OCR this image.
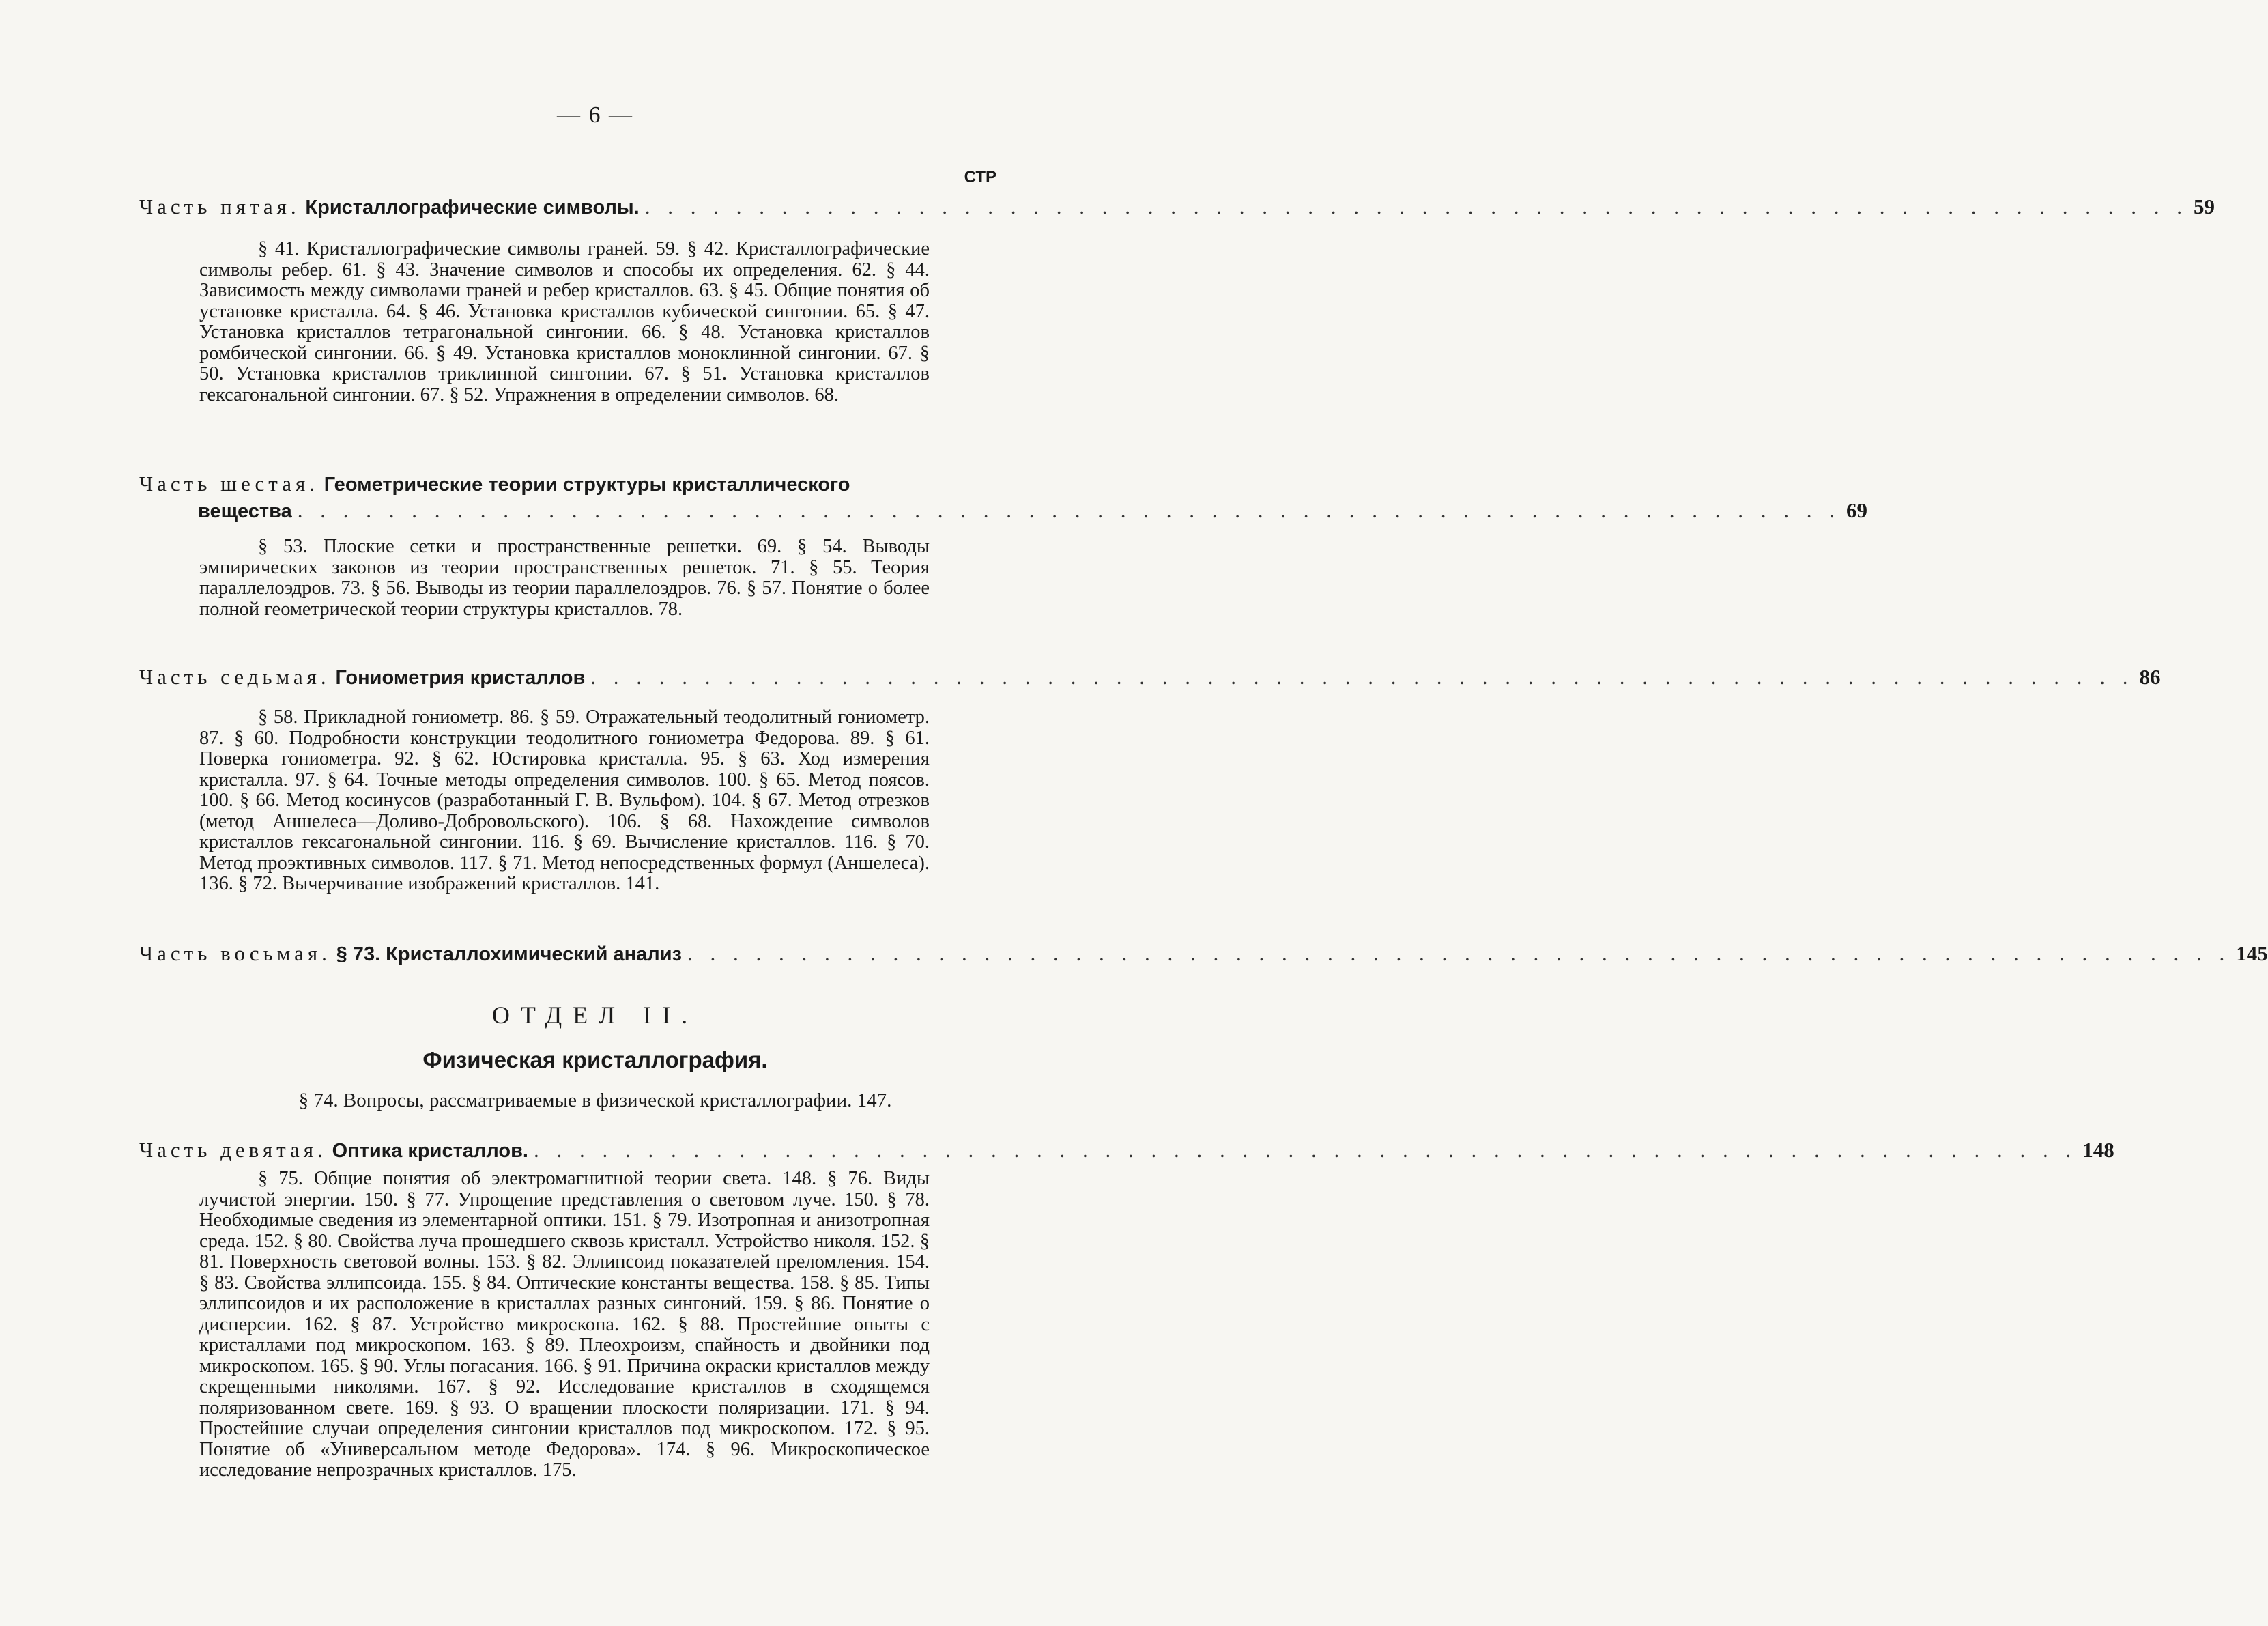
— 6 —
СТР
Часть пятая. Кристаллографические символы. . . . . . . . . . . . . . . . . . . . . . . . . . . . . . . . . . . . . . . . . . . . . . . . . . . . . . . . . . . . . . . . . . . . . 59
§ 41. Кристаллографические символы граней. 59. § 42. Кристаллографические символы ребер. 61. § 43. Значение символов и способы их определения. 62. § 44. Зависимость между символами граней и ребер кристаллов. 63. § 45. Общие понятия об установке кристалла. 64. § 46. Установка кристаллов кубической сингонии. 65. § 47. Установка кристаллов тетрагональной сингонии. 66. § 48. Установка кристаллов ромбической сингонии. 66. § 49. Установка кристаллов моноклинной сингонии. 67. § 50. Установка кристаллов триклинной сингонии. 67. § 51. Установка кристаллов гексагональной сингонии. 67. § 52. Упражнения в определении символов. 68.
Часть шестая. Геометрические теории структуры кристаллического
вещества . . . . . . . . . . . . . . . . . . . . . . . . . . . . . . . . . . . . . . . . . . . . . . . . . . . . . . . . . . . . . . . . . . . . 69
§ 53. Плоские сетки и пространственные решетки. 69. § 54. Выводы эмпирических законов из теории пространственных решеток. 71. § 55. Теория параллелоэдров. 73. § 56. Выводы из теории параллелоэдров. 76. § 57. Понятие о более полной геометрической теории структуры кристаллов. 78.
Часть седьмая. Гониометрия кристаллов . . . . . . . . . . . . . . . . . . . . . . . . . . . . . . . . . . . . . . . . . . . . . . . . . . . . . . . . . . . . . . . . . . . . 86
§ 58. Прикладной гониометр. 86. § 59. Отражательный теодолитный гониометр. 87. § 60. Подробности конструкции теодолитного гониометра Федорова. 89. § 61. Поверка гониометра. 92. § 62. Юстировка кристалла. 95. § 63. Ход измерения кристалла. 97. § 64. Точные методы определения символов. 100. § 65. Метод поясов. 100. § 66. Метод косинусов (разработанный Г. В. Вульфом). 104. § 67. Метод отрезков (метод Аншелеса—Доливо-Добровольского). 106. § 68. Нахождение символов кристаллов гексагональной сингонии. 116. § 69. Вычисление кристаллов. 116. § 70. Метод проэктивных символов. 117. § 71. Метод непосредственных формул (Аншелеса). 136. § 72. Вычерчивание изображений кристаллов. 141.
Часть восьмая. § 73. Кристаллохимический анализ . . . . . . . . . . . . . . . . . . . . . . . . . . . . . . . . . . . . . . . . . . . . . . . . . . . . . . . . . . . . . . . . . . . . 145
ОТДЕЛ II.
Физическая кристаллография.
§ 74. Вопросы, рассматриваемые в физической кристаллографии. 147.
Часть девятая. Оптика кристаллов. . . . . . . . . . . . . . . . . . . . . . . . . . . . . . . . . . . . . . . . . . . . . . . . . . . . . . . . . . . . . . . . . . . . . 148
§ 75. Общие понятия об электромагнитной теории света. 148. § 76. Виды лучистой энергии. 150. § 77. Упрощение представления о световом луче. 150. § 78. Необходимые сведения из элементарной оптики. 151. § 79. Изотропная и анизотропная среда. 152. § 80. Свойства луча прошедшего сквозь кристалл. Устройство николя. 152. § 81. Поверхность световой волны. 153. § 82. Эллипсоид показателей преломления. 154. § 83. Свойства эллипсоида. 155. § 84. Оптические константы вещества. 158. § 85. Типы эллипсоидов и их расположение в кристаллах разных сингоний. 159. § 86. Понятие о дисперсии. 162. § 87. Устройство микроскопа. 162. § 88. Простейшие опыты с кристаллами под микроскопом. 163. § 89. Плеохроизм, спайность и двойники под микроскопом. 165. § 90. Углы погасания. 166. § 91. Причина окраски кристаллов между скрещенными николями. 167. § 92. Исследование кристаллов в сходящемся поляризованном свете. 169. § 93. О вращении плоскости поляризации. 171. § 94. Простейшие случаи определения сингонии кристаллов под микроскопом. 172. § 95. Понятие об «Универсальном методе Федорова». 174. § 96. Микроскопическое исследование непрозрачных кристаллов. 175.
